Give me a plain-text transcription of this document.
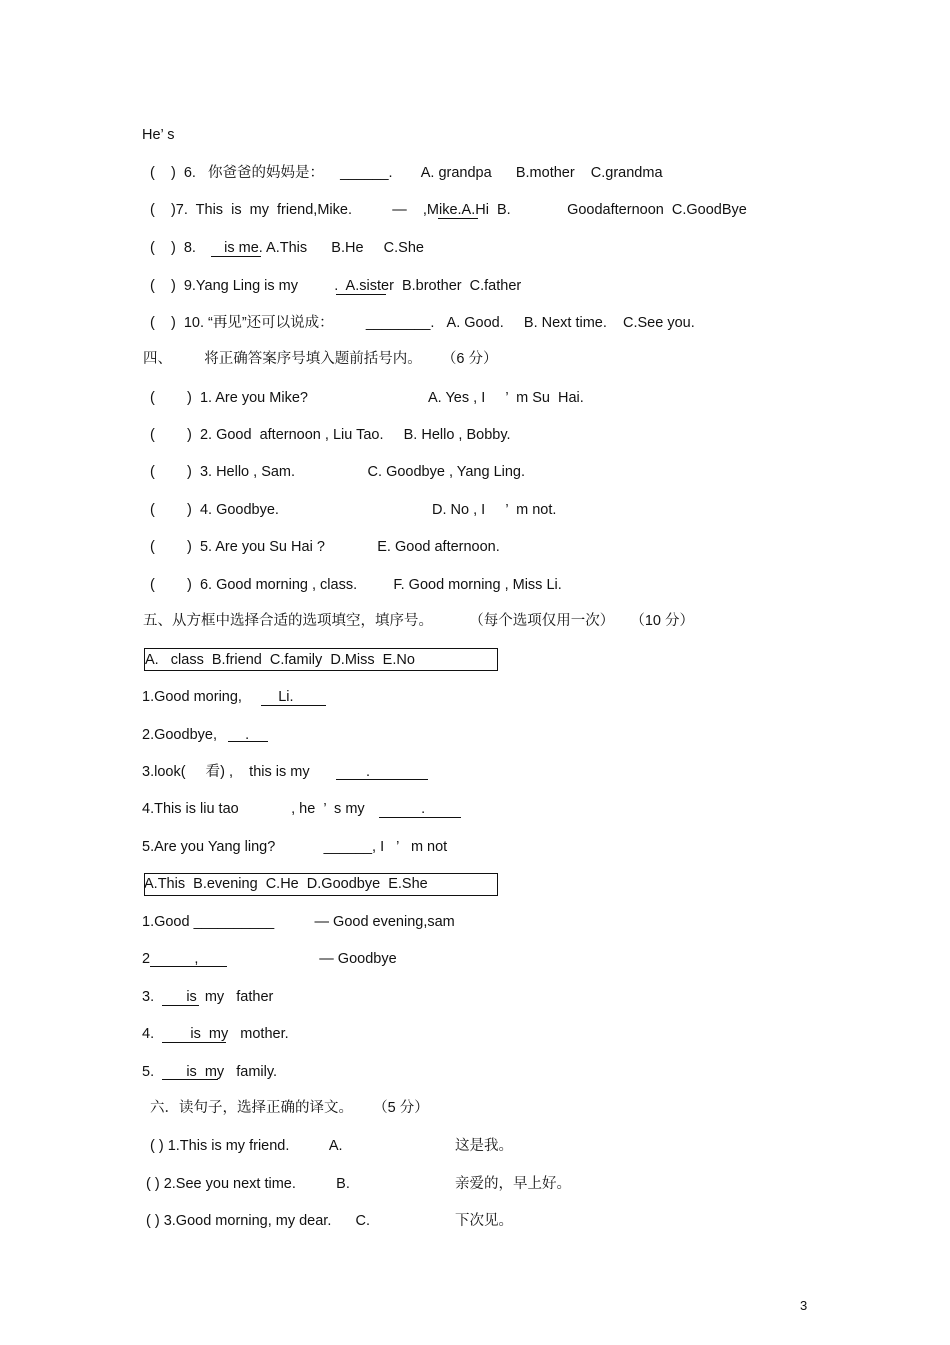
He’ s
(    )  6.   你爸爸的妈妈是：    ______.       A. grandpa      B.mother    C.grandma
(    )7.  This  is  my  friend,Mike.          —    ,Mike.A.Hi  B.              Goodafternoon  C.GoodBye
(    )  8.       is me. A.This      B.He     C.She
(    )  9.Yang Ling is my         .  A.sister  B.brother  C.father
(    )  10. “再见”还可以说成：        ________.   A. Good.     B. Next time.    C.See you.
四、        将正确答案序号填入题前括号内。     （6 分）
(        )  1. Are you Mike?                              A. Yes , I     ’  m Su  Hai.
(        )  2. Good  afternoon , Liu Tao.     B. Hello , Bobby.
(        )  3. Hello , Sam.                  C. Goodbye , Yang Ling.
(        )  4. Goodbye.                                      D. No , I     ’  m not.
(        )  5. Are you Su Hai ?             E. Good afternoon.
(        )  6. Good morning , class.         F. Good morning , Miss Li.
五、从方框中选择合适的选项填空，填序号。         （每个选项仅用一次）    （10 分）
A.   class  B.friend  C.family  D.Miss  E.No
1.Good moring,         Li.
2.Goodbye,       .
3.look(     看) ,    this is my              .
4.This is liu tao             , he  ’  s my              .
5.Are you Yang ling?            ______, I   ’   m not
A.This  B.evening  C.He  D.Goodbye  E.She
1.Good __________          — Good evening,sam
2           ,                              — Goodbye
3.        is  my   father
4.         is  my   mother.
5.        is  my   family.
六．读句子，选择正确的译文。     （5 分）
( ) 1.This is my friend.          A.	这是我。
( ) 2.See you next time.          B.	亲爱的，早上好。
( ) 3.Good morning, my dear.      C.	下次见。
3
